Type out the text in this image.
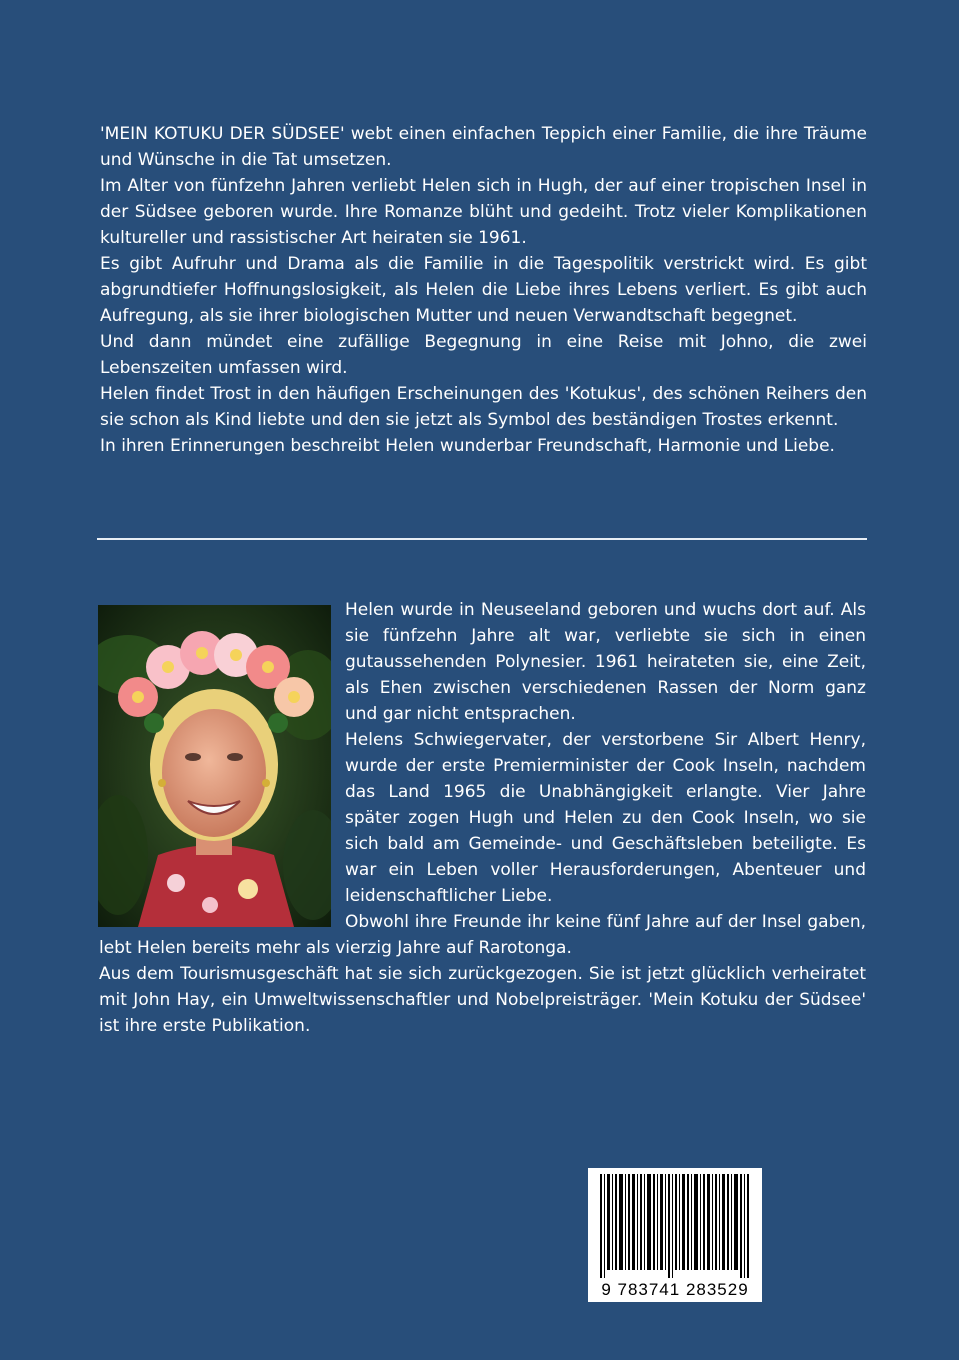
'MEIN KOTUKU DER SÜDSEE' webt einen einfachen Teppich einer Familie, die ihre Träume und Wünsche in die Tat umsetzen.

Im Alter von fünfzehn Jahren verliebt Helen sich in Hugh, der auf einer tropischen Insel in der Südsee geboren wurde. Ihre Romanze blüht und gedeiht. Trotz vieler Komplikationen kultureller und rassistischer Art heiraten sie 1961.

Es gibt Aufruhr und Drama als die Familie in die Tagespolitik verstrickt wird. Es gibt abgrundtiefer Hoffnungslosigkeit, als Helen die Liebe ihres Lebens verliert. Es gibt auch Aufregung, als sie ihrer biologischen Mutter und neuen Verwandtschaft begegnet.

Und dann mündet eine zufällige Begegnung in eine Reise mit Johno, die zwei Lebenszeiten umfassen wird.

Helen findet Trost in den häufigen Erscheinungen des 'Kotukus', des schönen Reihers den sie schon als Kind liebte und den sie jetzt als Symbol des beständigen Trostes erkennt.

In ihren Erinnerungen beschreibt Helen wunderbar Freundschaft, Harmonie und Liebe.

Helen wurde in Neuseeland geboren und wuchs dort auf. Als sie fünfzehn Jahre alt war, verliebte sie sich in einen gutaussehenden Polynesier. 1961 heirateten sie, eine Zeit, als Ehen zwischen verschiedenen Rassen der Norm ganz und gar nicht entsprachen.

Helens Schwiegervater, der verstorbene Sir Albert Henry, wurde der erste Premierminister der Cook Inseln, nachdem das Land 1965 die Unabhängigkeit erlangte. Vier Jahre später zogen Hugh und Helen zu den Cook Inseln, wo sie sich bald am Gemeinde- und Geschäftsleben beteiligte. Es war ein Leben voller Herausforderungen, Abenteuer und leidenschaftlicher Liebe.

Obwohl ihre Freunde ihr keine fünf Jahre auf der Insel gaben, lebt Helen bereits mehr als vierzig Jahre auf Rarotonga.

Aus dem Tourismusgeschäft hat sie sich zurückgezogen. Sie ist jetzt glücklich verheiratet mit John Hay, ein Umweltwissenschaftler und Nobelpreisträger. 'Mein Kotuku der Südsee' ist ihre erste Publikation.

9 783741 283529
